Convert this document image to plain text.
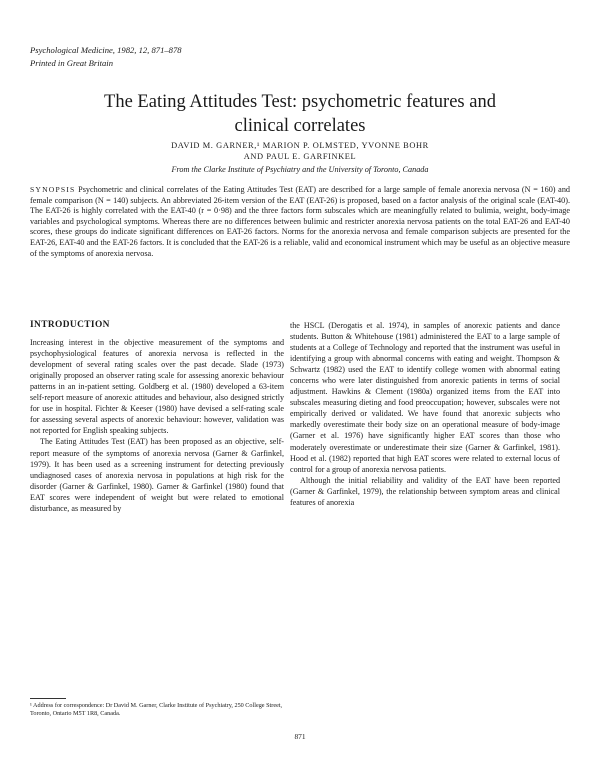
Psychological Medicine, 1982, 12, 871–878
Printed in Great Britain
The Eating Attitudes Test: psychometric features and
clinical correlates
DAVID M. GARNER,¹ MARION P. OLMSTED, YVONNE BOHR
AND PAUL E. GARFINKEL
From the Clarke Institute of Psychiatry and the University of Toronto, Canada
SYNOPSIS Psychometric and clinical correlates of the Eating Attitudes Test (EAT) are described for a large sample of female anorexia nervosa (N = 160) and female comparison (N = 140) subjects. An abbreviated 26-item version of the EAT (EAT-26) is proposed, based on a factor analysis of the original scale (EAT-40). The EAT-26 is highly correlated with the EAT-40 (r = 0·98) and the three factors form subscales which are meaningfully related to bulimia, weight, body-image variables and psychological symptoms. Whereas there are no differences between bulimic and restricter anorexia nervosa patients on the total EAT-26 and EAT-40 scores, these groups do indicate significant differences on EAT-26 factors. Norms for the anorexia nervosa and female comparison subjects are presented for the EAT-26, EAT-40 and the EAT-26 factors. It is concluded that the EAT-26 is a reliable, valid and economical instrument which may be useful as an objective measure of the symptoms of anorexia nervosa.
INTRODUCTION

Increasing interest in the objective measurement of the symptoms and psychophysiological features of anorexia nervosa is reflected in the development of several rating scales over the past decade. Slade (1973) originally proposed an observer rating scale for assessing anorexic behaviour patterns in an in-patient setting. Goldberg et al. (1980) developed a 63-item self-report measure of anorexic attitudes and behaviour, also designed strictly for use in hospital. Fichter & Keeser (1980) have devised a self-rating scale for assessing several aspects of anorexic behaviour: however, validation was not reported for English speaking subjects.

The Eating Attitudes Test (EAT) has been proposed as an objective, self-report measure of the symptoms of anorexia nervosa (Garner & Garfinkel, 1979). It has been used as a screening instrument for detecting previously undiagnosed cases of anorexia nervosa in populations at high risk for the disorder (Garner & Garfinkel, 1980). Garner & Garfinkel (1980) found that EAT scores were independent of weight but were related to emotional disturbance, as measured by

the HSCL (Derogatis et al. 1974), in samples of anorexic patients and dance students. Button & Whitehouse (1981) administered the EAT to a large sample of students at a College of Technology and reported that the instrument was useful in identifying a group with abnormal concerns with eating and weight. Thompson & Schwartz (1982) used the EAT to identify college women with abnormal eating concerns who were later distinguished from anorexic patients in terms of social adjustment. Hawkins & Clement (1980a) organized items from the EAT into subscales measuring dieting and food preoccupation; however, subscales were not empirically derived or validated. We have found that anorexic subjects who markedly overestimate their body size on an operational measure of body-image (Garner et al. 1976) have significantly higher EAT scores than those who moderately overestimate or underestimate their size (Garner & Garfinkel, 1981). Hood et al. (1982) reported that high EAT scores were related to external locus of control for a group of anorexia nervosa patients.

Although the initial reliability and validity of the EAT have been reported (Garner & Garfinkel, 1979), the relationship between symptom areas and clinical features of anorexia

¹ Address for correspondence: Dr David M. Garner, Clarke Institute of Psychiatry, 250 College Street, Toronto, Ontario M5T 1R8, Canada.
871
